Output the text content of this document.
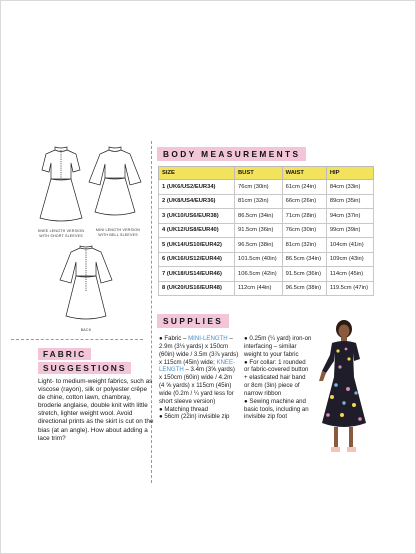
KNEE LENGTH VERSION
WITH SHORT SLEEVES
MINI LENGTH VERSION
WITH BELL SLEEVES
BACK
BODY MEASUREMENTS
SIZE	BUST	WAIST	HIP
1 (UK6/US2/EUR34)	76cm (30in)	61cm (24in)	84cm (33in)
2 (UK8/US4/EUR36)	81cm (32in)	66cm (26in)	89cm (35in)
3 (UK10/US6/EUR38)	86.5cm (34in)	71cm (28in)	94cm (37in)
4 (UK12/US8/EUR40)	91.5cm (36in)	76cm (30in)	99cm (39in)
5 (UK14/US10/EUR42)	96.5cm (38in)	81cm (32in)	104cm (41in)
6 (UK16/US12/EUR44)	101.5cm (40in)	86.5cm (34in)	109cm (43in)
7 (UK18/US14/EUR46)	106.5cm (42in)	91.5cm (36in)	114cm (45in)
8 (UK20/US16/EUR48)	112cm (44in)	96.5cm (38in)	119.5cm (47in)
FABRIC
SUGGESTIONS
Light- to medium-weight fabrics, such as viscose (rayon), silk or polyester crêpe de chine, cotton lawn, chambray, broderie anglaise, double knit with little stretch, lighter weight wool. Avoid directional prints as the skirt is cut on the bias (at an angle). How about adding a lace trim?
SUPPLIES

● Fabric – MINI-LENGTH – 2.9m (3⅛ yards) x 150cm (60in) wide / 3.5m (3⅞ yards) x 115cm (45in) wide; KNEE-LENGTH – 3.4m (3⅝ yards) x 150cm (60in) wide / 4.2m (4 ⅝ yards) x 115cm (45in) wide (0.2m / ¼ yard less for short sleeve version)

● Matching thread

● 56cm (22in) invisible zip

● 0.25m (¼ yard) iron-on interfacing – similar weight to your fabric

● For collar: 1 rounded or fabric-covered button + elasticated hair band or 8cm (3in) piece of narrow ribbon

● Sewing machine and basic tools, including an invisible zip foot
